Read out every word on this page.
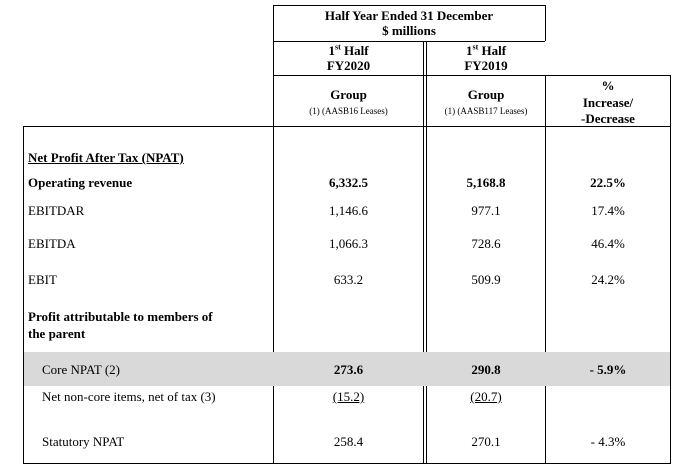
Half Year Ended 31 December
$ millions
1st Half
FY2020
1st Half
FY2019
Group
(1) (AASB16 Leases)
Group
(1) (AASB117 Leases)
%
Increase/
-Decrease
Net Profit After Tax (NPAT)
Operating revenue	6,332.5	5,168.8	22.5%
EBITDAR	1,146.6	977.1	17.4%
EBITDA	1,066.3	728.6	46.4%
EBIT	633.2	509.9	24.2%
Profit attributable to members of
the parent
Core NPAT (2)	273.6	290.8	- 5.9%
Net non-core items, net of tax (3)	(15.2)	(20.7)
Statutory NPAT	258.4	270.1	- 4.3%
